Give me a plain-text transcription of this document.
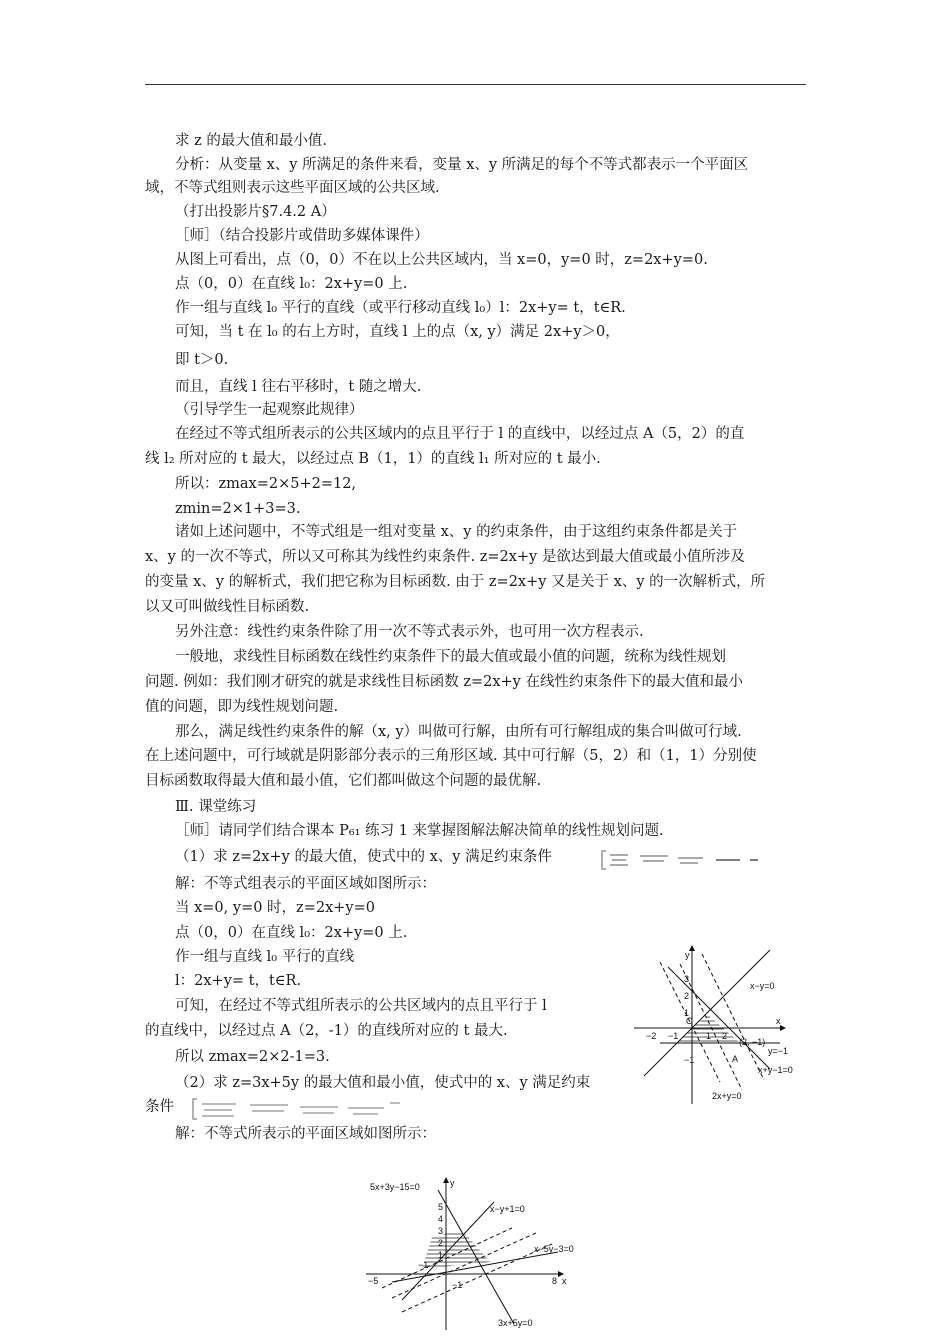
求 z 的最大值和最小值.
分析：从变量 x、y 所满足的条件来看，变量 x、y 所满足的每个不等式都表示一个平面区
域，不等式组则表示这些平面区域的公共区域.
（打出投影片§7.4.2 A）
［师］（结合投影片或借助多媒体课件）
从图上可看出，点（0，0）不在以上公共区域内，当 x=0，y=0 时，z=2x+y=0.
点（0，0）在直线 l₀：2x+y=0 上.
作一组与直线 l₀ 平行的直线（或平行移动直线 l₀）l：2x+y= t，t∈R.
可知，当 t 在 l₀ 的右上方时，直线 l 上的点（x, y）满足 2x+y＞0，
即 t＞0.
而且，直线 l 往右平移时，t 随之增大.
（引导学生一起观察此规律）
在经过不等式组所表示的公共区域内的点且平行于 l 的直线中，以经过点 A（5，2）的直
线 l₂ 所对应的 t 最大，以经过点 B（1，1）的直线 l₁ 所对应的 t 最小.
所以：zmax=2×5+2=12,
zmin=2×1+3=3.
诸如上述问题中，不等式组是一组对变量 x、y 的约束条件，由于这组约束条件都是关于
x、y 的一次不等式，所以又可称其为线性约束条件. z=2x+y 是欲达到最大值或最小值所涉及
的变量 x、y 的解析式，我们把它称为目标函数. 由于 z=2x+y 又是关于 x、y 的一次解析式，所
以又可叫做线性目标函数.
另外注意：线性约束条件除了用一次不等式表示外，也可用一次方程表示.
一般地，求线性目标函数在线性约束条件下的最大值或最小值的问题，统称为线性规划
问题. 例如：我们刚才研究的就是求线性目标函数 z=2x+y 在线性约束条件下的最大值和最小
值的问题，即为线性规划问题.
那么，满足线性约束条件的解（x, y）叫做可行解，由所有可行解组成的集合叫做可行域.
在上述问题中，可行域就是阴影部分表示的三角形区域. 其中可行解（5，2）和（1，1）分别使
目标函数取得最大值和最小值，它们都叫做这个问题的最优解.
Ⅲ. 课堂练习
［师］请同学们结合课本 P₆₁ 练习 1 来掌握图解法解决简单的线性规划问题.
（1）求 z=2x+y 的最大值，使式中的 x、y 满足约束条件
解：不等式组表示的平面区域如图所示：
当 x=0, y=0 时，z=2x+y=0
点（0，0）在直线 l₀：2x+y=0 上.
作一组与直线 l₀ 平行的直线
l：2x+y= t，t∈R.
可知，在经过不等式组所表示的公共区域内的点且平行于 l
的直线中，以经过点 A（2，-1）的直线所对应的 t 最大.
所以 zmax=2×2-1=3.
（2）求 z=3x+5y 的最大值和最小值，使式中的 x、y 满足约束
条件
解：不等式所表示的平面区域如图所示：
y
x
O
−2 −1	1 2
3
2
1
−1
x−y=0
y=−1
x+y−1=0
2x+y=0
(2, −1)
A
y
x
−5
−1
8
5
4
3
2
1
−1
5x+3y−15=0
x−y+1=0
x−5y−3=0
3x+5y=0
